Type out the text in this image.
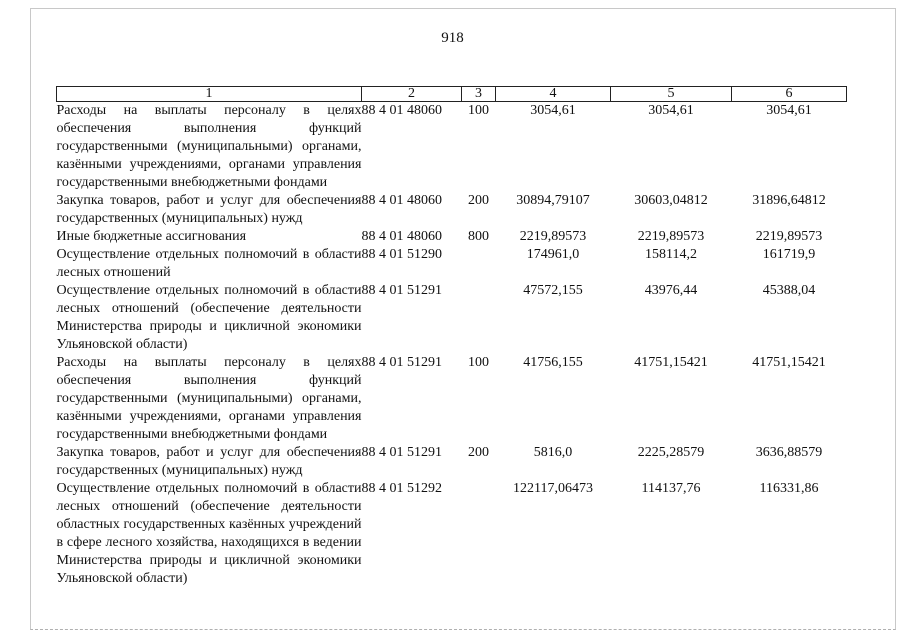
918
1	2	3	4	5	6
Расходы на выплаты персоналу в целях обеспечения выполнения функций государственными (муниципальными) органами, казёнными учреждениями, органами управления государственными внебюджетными фондами	88 4 01 48060	100	3054,61	3054,61	3054,61
Закупка товаров, работ и услуг для обеспечения государственных (муниципальных) нужд	88 4 01 48060	200	30894,79107	30603,04812	31896,64812
Иные бюджетные ассигнования	88 4 01 48060	800	2219,89573	2219,89573	2219,89573
Осуществление отдельных полномочий в области лесных отношений	88 4 01 51290		174961,0	158114,2	161719,9
Осуществление отдельных полномочий в области лесных отношений (обеспечение деятельности Министерства природы и цикличной экономики Ульяновской области)	88 4 01 51291		47572,155	43976,44	45388,04
Расходы на выплаты персоналу в целях обеспечения выполнения функций государственными (муниципальными) органами, казёнными учреждениями, органами управления государственными внебюджетными фондами	88 4 01 51291	100	41756,155	41751,15421	41751,15421
Закупка товаров, работ и услуг для обеспечения государственных (муниципальных) нужд	88 4 01 51291	200	5816,0	2225,28579	3636,88579
Осуществление отдельных полномочий в области лесных отношений (обеспечение деятельности областных государственных казённых учреждений в сфере лесного хозяйства, находящихся в ведении Министерства природы и цикличной экономики Ульяновской области)	88 4 01 51292		122117,06473	114137,76	116331,86
